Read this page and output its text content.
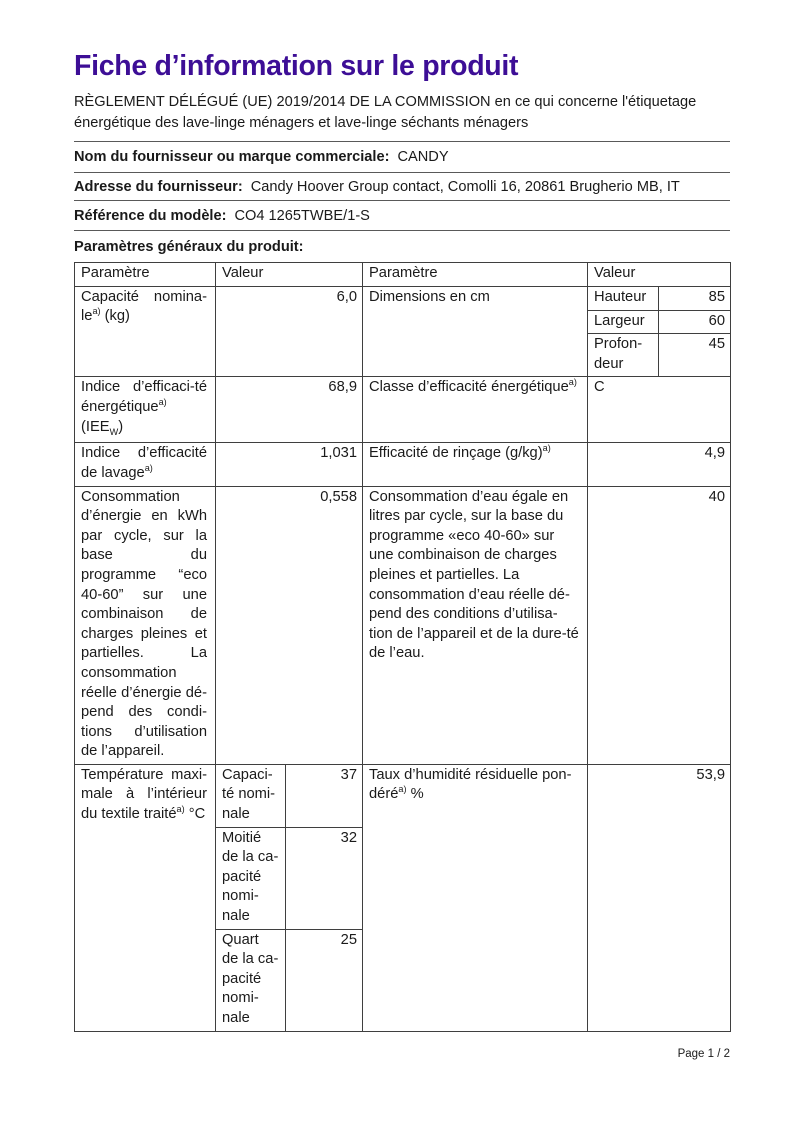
Fiche d’information sur le produit

RÈGLEMENT DÉLÉGUÉ (UE) 2019/2014 DE LA COMMISSION en ce qui concerne l'étiquetage énergétique des lave-linge ménagers et lave-linge séchants ménagers

Nom du fournisseur ou marque commerciale: CANDY
Adresse du fournisseur: Candy Hoover Group contact, Comolli 16, 20861 Brugherio MB, IT
Référence du modèle: CO4 1265TWBE/1-S
Paramètres généraux du produit:
Paramètre	Valeur		Paramètre	Valeur	
Capacité nomina-$le^{a)}$ (kg)	6,0		Dimensions en cm	Hauteur	85
				Largeur	60
				Profon-deur	45
Indice d’efficaci-té énergétique$^{a)}$ $(IEE_W)$	68,9		Classe d’efficacité énergétique$^{a)}$	C	
Indice d’efficacité de lavage$^{a)}$	1,031		Efficacité de rinçage $(g/kg)^{a)}$	4,9	
Consommation d’énergie en kWh par cycle, sur la base du programme “eco 40-60” sur une combinaison de charges pleines et partielles. La consommation réelle d’énergie dé-pend des condi-tions d’utilisation de l’appareil.	0,558	Consommation d’eau égale en litres par cycle, sur la base du programme «eco 40-60» sur une combinaison de charges pleines et partielles. La consommation d’eau réelle dé-pend des conditions d’utilisa-tion de l’appareil et de la dure-té de l’eau.	40
Température maxi-male à l’intérieur du textile traité$^{a)}$ °C	Capaci-té nomi-nale	37	Taux d’humidité résiduelle pon-déré$^{a)}$ %	53,9	
	Moitié de la ca-pacité nomi-nale	32			
	Quart de la ca-pacité nomi-nale	25			
Page 1 / 2
